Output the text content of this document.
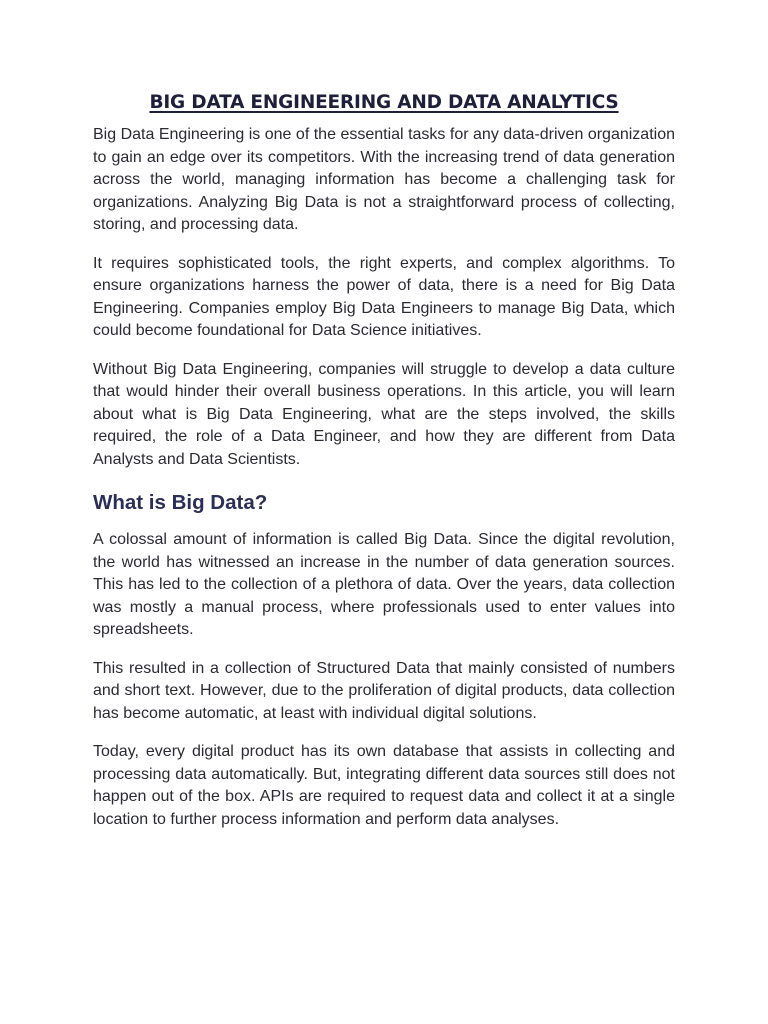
BIG DATA ENGINEERING AND DATA ANALYTICS

Big Data Engineering is one of the essential tasks for any data-driven organization to gain an edge over its competitors. With the increasing trend of data generation across the world, managing information has become a challenging task for organizations. Analyzing Big Data is not a straightforward process of collecting, storing, and processing data.

It requires sophisticated tools, the right experts, and complex algorithms. To ensure organizations harness the power of data, there is a need for Big Data Engineering. Companies employ Big Data Engineers to manage Big Data, which could become foundational for Data Science initiatives.

Without Big Data Engineering, companies will struggle to develop a data culture that would hinder their overall business operations. In this article, you will learn about what is Big Data Engineering, what are the steps involved, the skills required, the role of a Data Engineer, and how they are different from Data Analysts and Data Scientists.

What is Big Data?

A colossal amount of information is called Big Data. Since the digital revolution, the world has witnessed an increase in the number of data generation sources. This has led to the collection of a plethora of data. Over the years, data collection was mostly a manual process, where professionals used to enter values into spreadsheets.

This resulted in a collection of Structured Data that mainly consisted of numbers and short text. However, due to the proliferation of digital products, data collection has become automatic, at least with individual digital solutions.

Today, every digital product has its own database that assists in collecting and processing data automatically. But, integrating different data sources still does not happen out of the box. APIs are required to request data and collect it at a single location to further process information and perform data analyses.
